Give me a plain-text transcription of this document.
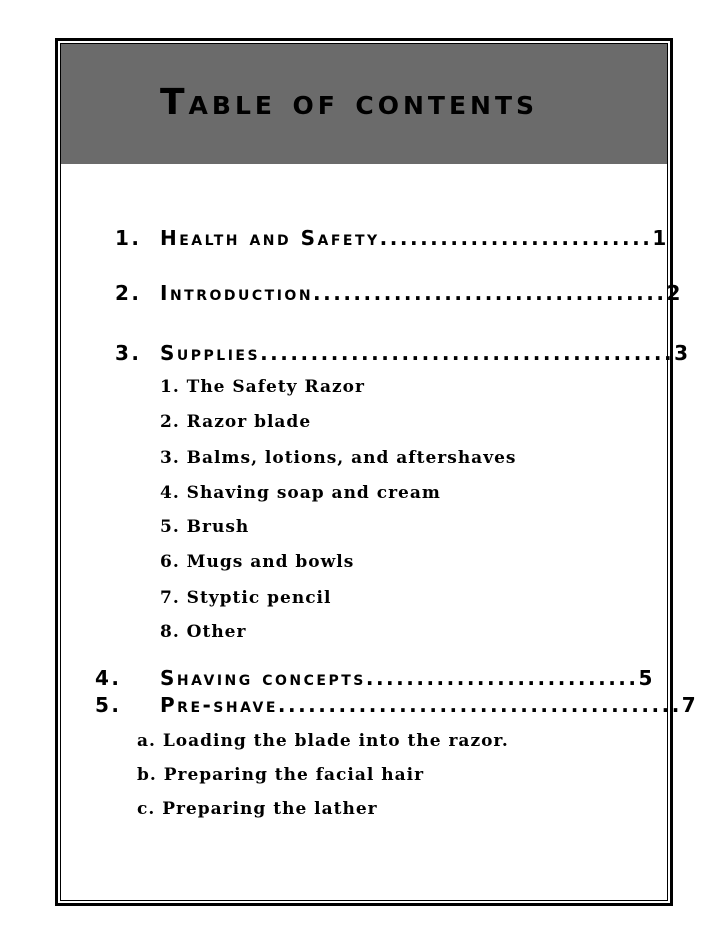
Table of contents
1. Health and Safety...........................1
2. Introduction...................................2
3. Supplies.........................................3
1. The Safety Razor
2. Razor blade
3. Balms, lotions, and aftershaves
4. Shaving soap and cream
5. Brush
6. Mugs and bowls
7. Styptic pencil
8. Other
4. Shaving concepts...........................5
5. Pre-shave........................................7
a. Loading the blade into the razor.
b. Preparing the facial hair
c. Preparing the lather
